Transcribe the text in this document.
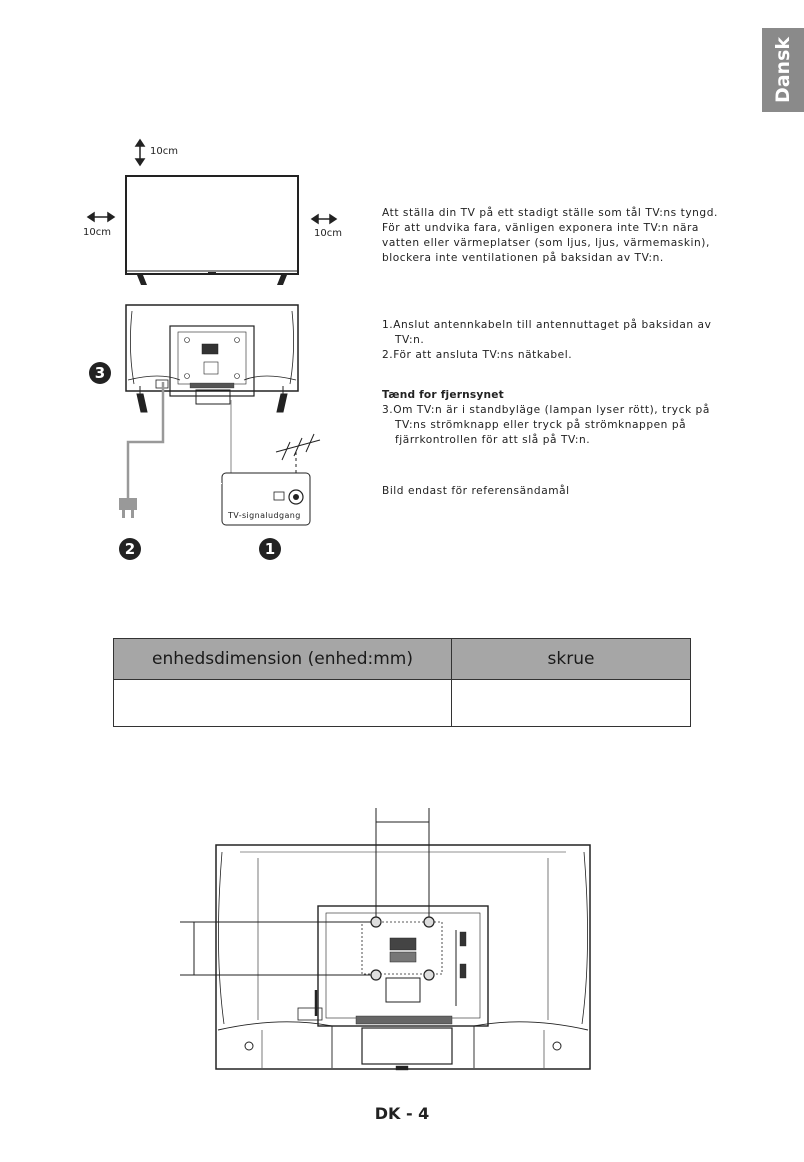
Dansk
10cm
10cm	10cm

Att ställa din TV på ett stadigt ställe som tål TV:ns tyngd.
För att undvika fara, vänligen exponera inte TV:n nära
vatten eller värmeplatser (som ljus, ljus, värmemaskin),
blockera inte ventilationen på baksidan av TV:n.

1.Anslut antennkabeln till antennuttaget på baksidan av
TV:n.
2.För att ansluta TV:ns nätkabel.

Tænd for fjernsynet
3.Om TV:n är i standbyläge (lampan lyser rött), tryck på
TV:ns strömknapp eller tryck på strömknappen på
fjärrkontrollen för att slå på TV:n.

Bild endast för referensändamål

TV-signaludgang
3
2	1
enhedsdimension (enhed:mm)	skrue

DK - 4
